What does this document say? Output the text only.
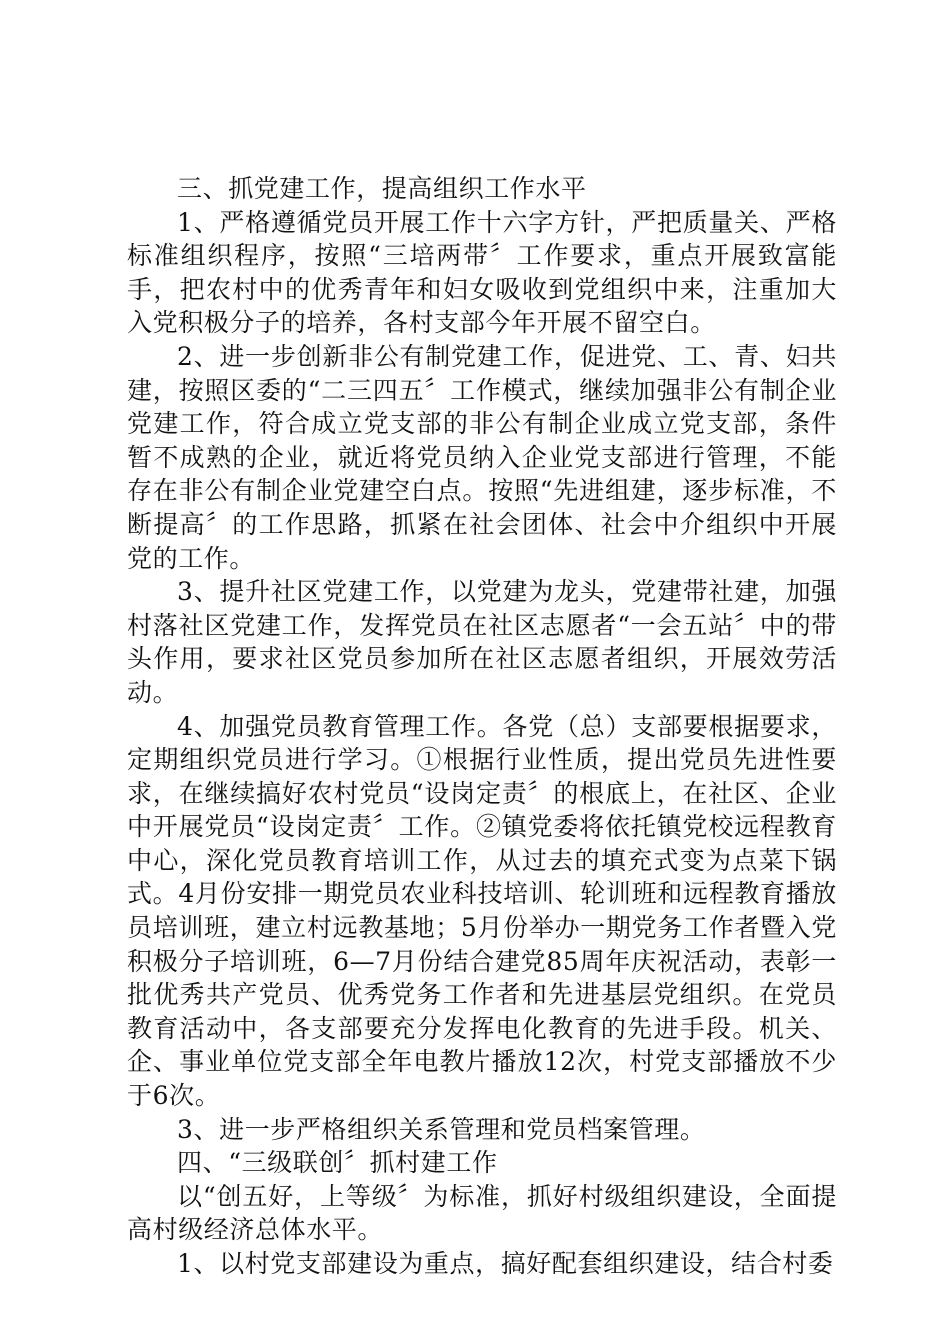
三、抓党建工作，提高组织工作水平

1、严格遵循党员开展工作十六字方针，严把质量关、严格标准组织程序，按照“三培两带〞工作要求，重点开展致富能手，把农村中的优秀青年和妇女吸收到党组织中来，注重加大入党积极分子的培养，各村支部今年开展不留空白。

2、进一步创新非公有制党建工作，促进党、工、青、妇共建，按照区委的“二三四五〞工作模式，继续加强非公有制企业党建工作，符合成立党支部的非公有制企业成立党支部，条件暂不成熟的企业，就近将党员纳入企业党支部进行管理，不能存在非公有制企业党建空白点。按照“先进组建，逐步标准，不断提高〞的工作思路，抓紧在社会团体、社会中介组织中开展党的工作。

3、提升社区党建工作，以党建为龙头，党建带社建，加强村落社区党建工作，发挥党员在社区志愿者“一会五站〞中的带头作用，要求社区党员参加所在社区志愿者组织，开展效劳活动。

4、加强党员教育管理工作。各党（总）支部要根据要求，定期组织党员进行学习。①根据行业性质，提出党员先进性要求，在继续搞好农村党员“设岗定责〞的根底上，在社区、企业中开展党员“设岗定责〞工作。②镇党委将依托镇党校远程教育中心，深化党员教育培训工作，从过去的填充式变为点菜下锅式。4月份安排一期党员农业科技培训、轮训班和远程教育播放员培训班，建立村远教基地；5月份举办一期党务工作者暨入党积极分子培训班，6—7月份结合建党85周年庆祝活动，表彰一批优秀共产党员、优秀党务工作者和先进基层党组织。在党员教育活动中，各支部要充分发挥电化教育的先进手段。机关、企、事业单位党支部全年电教片播放12次，村党支部播放不少于6次。

3、进一步严格组织关系管理和党员档案管理。

四、“三级联创〞抓村建工作

以“创五好，上等级〞为标准，抓好村级组织建设，全面提高村级经济总体水平。

1、以村党支部建设为重点，搞好配套组织建设，结合村委
